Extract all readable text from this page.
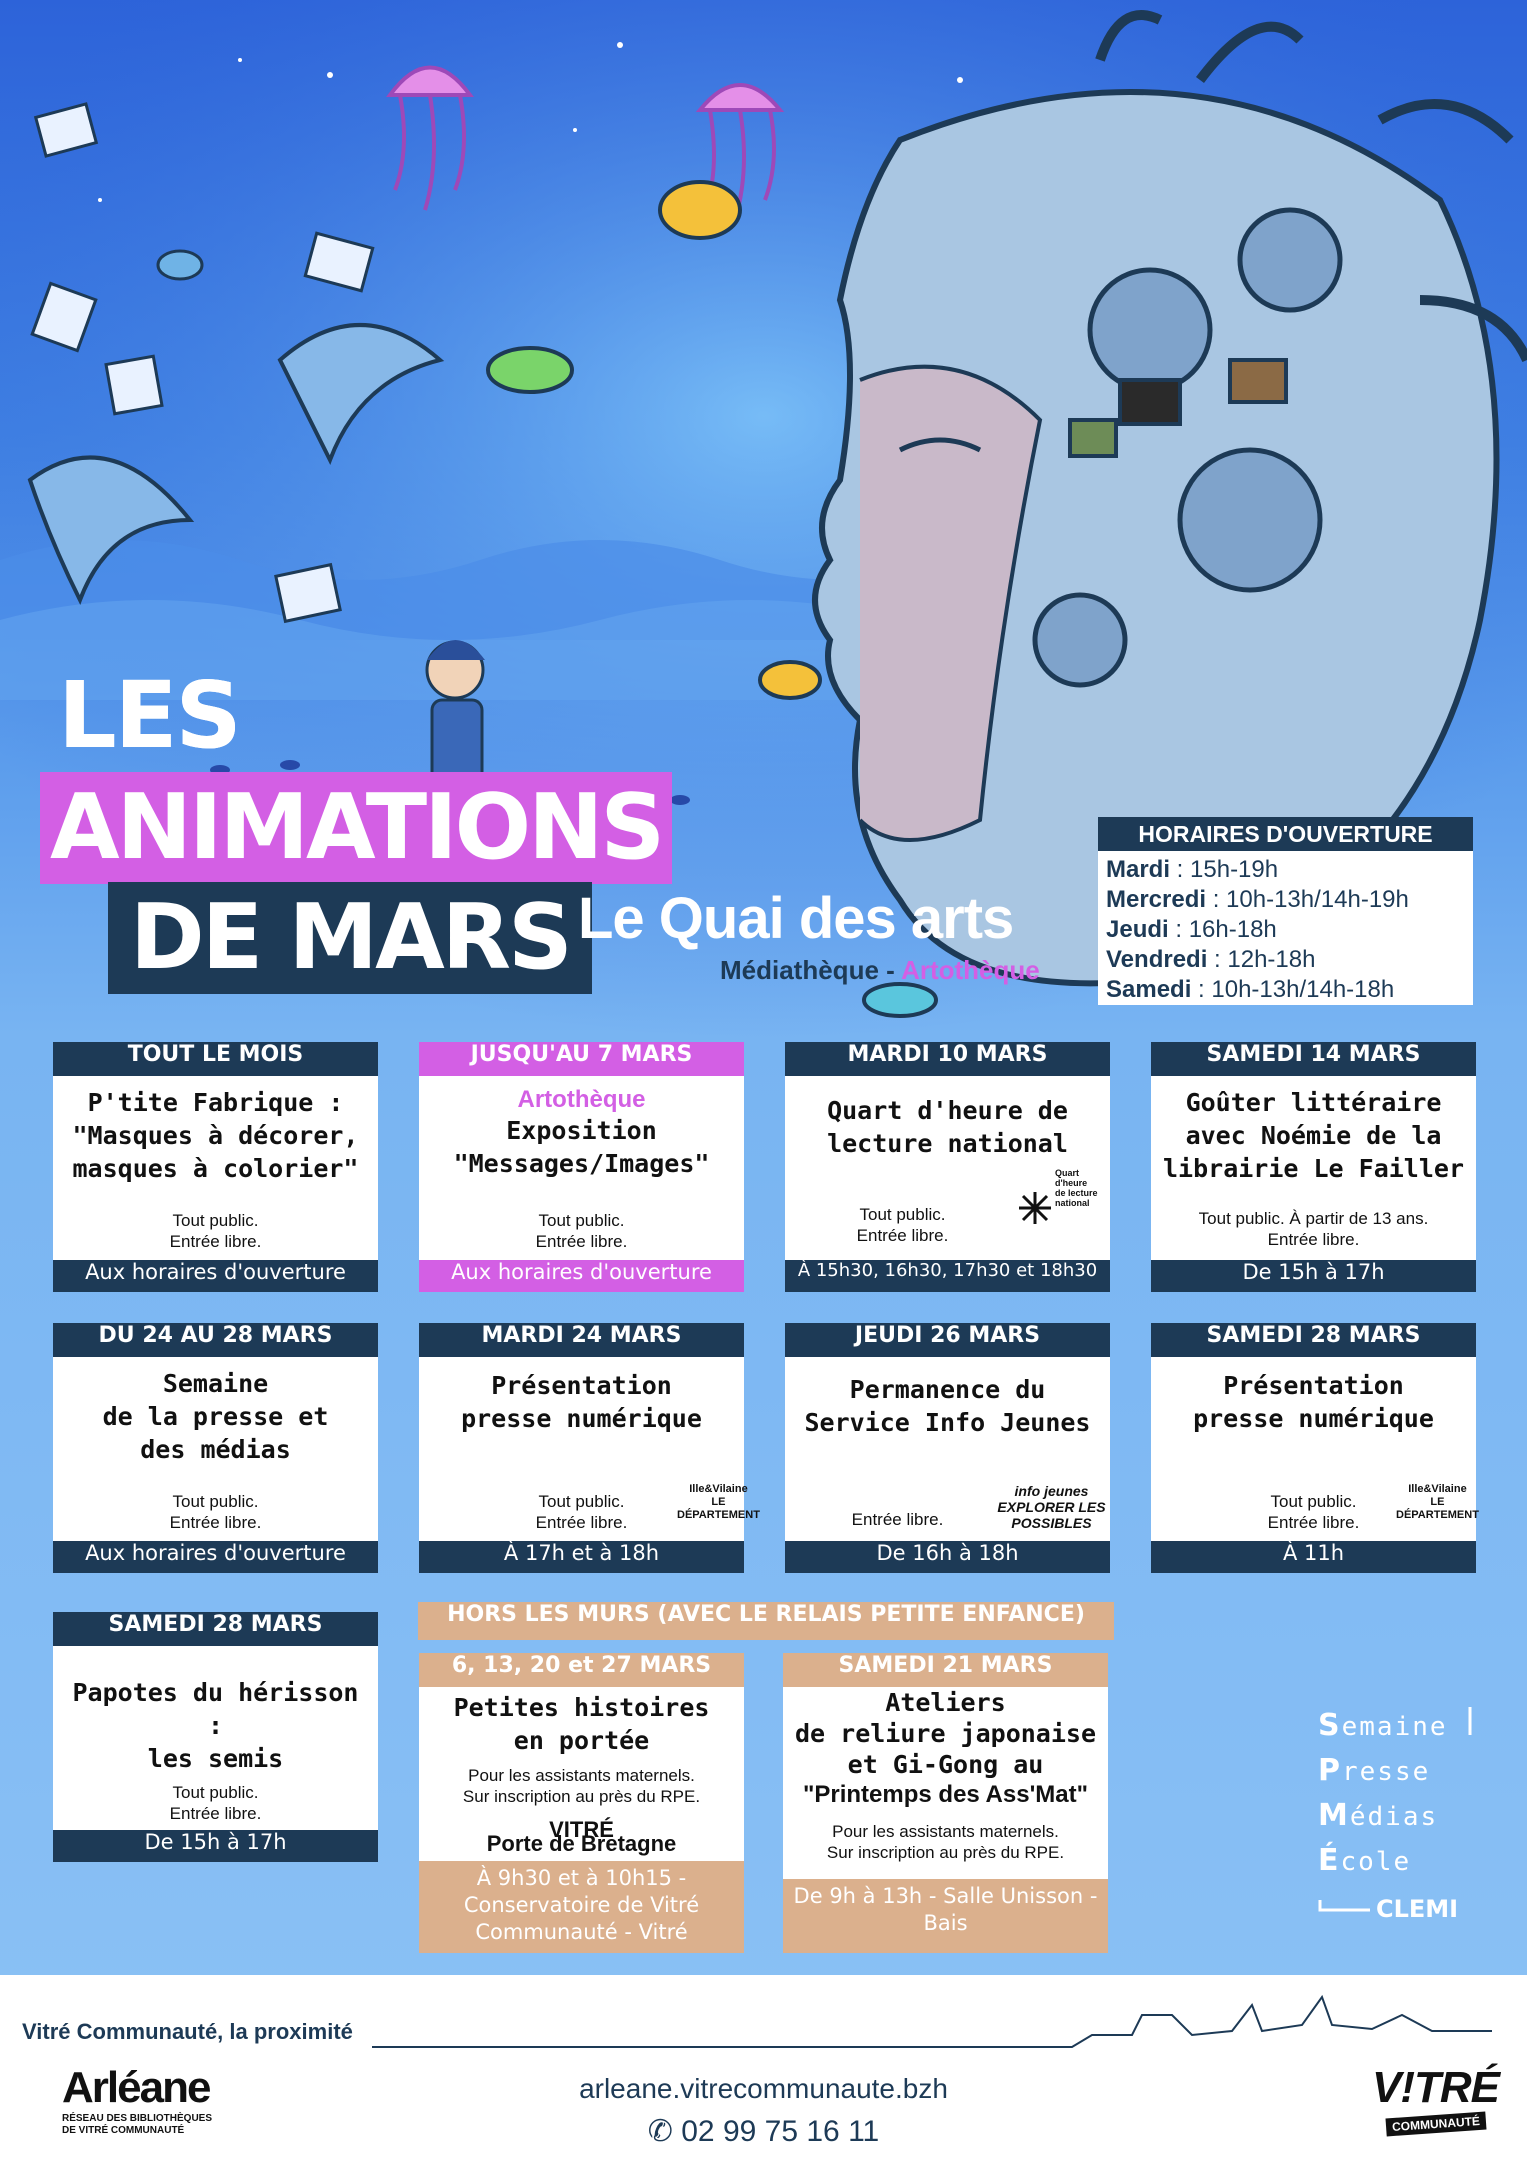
LES
ANIMATIONS
DE MARS Le Quai des arts
Médiathèque - Artothèque
HORAIRES D'OUVERTURE
Mardi : 15h-19h
Mercredi : 10h-13h/14h-19h
Jeudi : 16h-18h
Vendredi : 12h-18h
Samedi : 10h-13h/14h-18h
TOUT LE MOIS
P'tite Fabrique :
"Masques à décorer,
masques à colorier"
Tout public.
Entrée libre.
Aux horaires d'ouverture
JUSQU'AU 7 MARS
Artothèque
Exposition
"Messages/Images"
Tout public.
Entrée libre.
Aux horaires d'ouverture
MARDI 10 MARS
Quart d'heure de
lecture national
Tout public.
Entrée libre.
Quart
d'heure
de lecture
national
À 15h30, 16h30, 17h30 et 18h30
SAMEDI 14 MARS
Goûter littéraire
avec Noémie de la
librairie Le Failler
Tout public. À partir de 13 ans.
Entrée libre.
De 15h à 17h
DU 24 AU 28 MARS
Semaine
de la presse et
des médias
Tout public.
Entrée libre.
Aux horaires d'ouverture
MARDI 24 MARS
Présentation
presse numérique
Tout public.
Entrée libre.
Ille&Vilaine
LE DÉPARTEMENT
À 17h et à 18h
JEUDI 26 MARS
Permanence du
Service Info Jeunes
Entrée libre.
info jeunes
EXPLORER LES POSSIBLES
De 16h à 18h
SAMEDI 28 MARS
Présentation
presse numérique
Tout public.
Entrée libre.
Ille&Vilaine
LE DÉPARTEMENT
À 11h
SAMEDI 28 MARS
Papotes du hérisson :
les semis
Tout public.
Entrée libre.
De 15h à 17h
HORS LES MURS (AVEC LE RELAIS PETITE ENFANCE)
6, 13, 20 et 27 MARS
Petites histoires
en portée
Pour les assistants maternels.
Sur inscription au près du RPE.
VITRÉ
Porte de Bretagne
À 9h30 et à 10h15 - Conservatoire de Vitré Communauté - Vitré
SAMEDI 21 MARS
Ateliers
de reliure japonaise
et Gi-Gong au
"Printemps des Ass'Mat"
Pour les assistants maternels.
Sur inscription au près du RPE.
De 9h à 13h - Salle Unisson - Bais
Semaine
Presse
Médias
École
CLEMI
Vitré Communauté, la proximité
Arléane
RÉSEAU DES BIBLIOTHÈQUES DE VITRÉ COMMUNAUTÉ
arleane.vitrecommunaute.bzh
✆ 02 99 75 16 11
V!TRÉ
COMMUNAUTÉ
